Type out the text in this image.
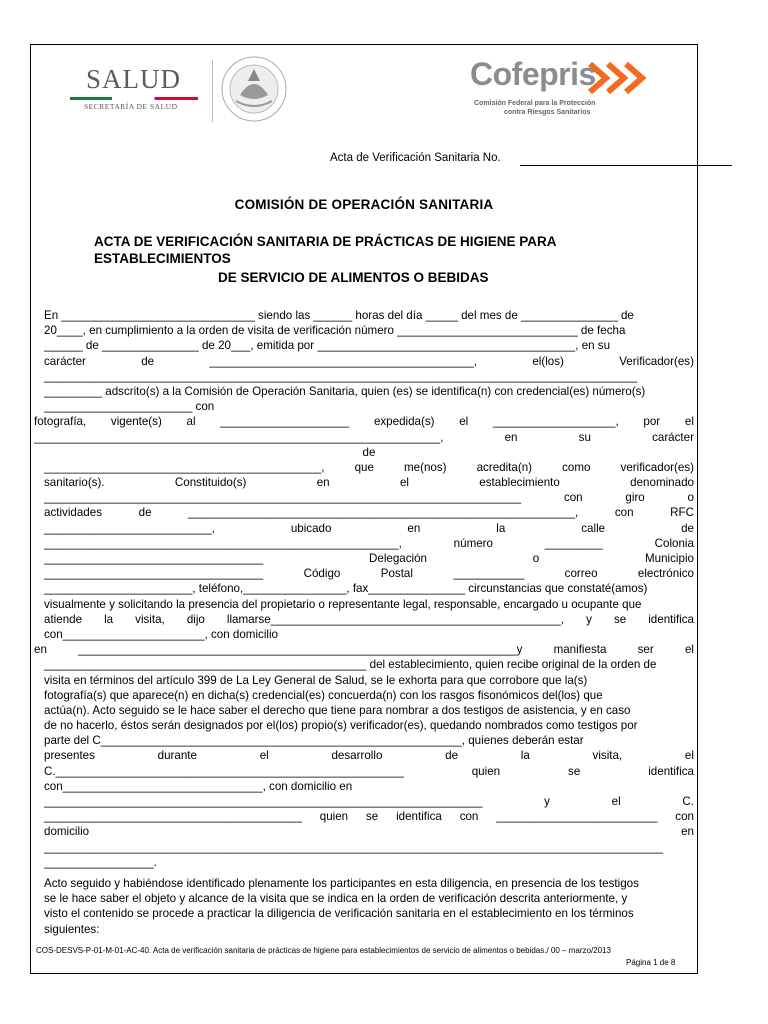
SALUD
SECRETARÍA DE SALUD
Cofepris
Comisión Federal para la Protección
contra Riesgos Sanitarios
Acta de Verificación Sanitaria No.
COMISIÓN DE OPERACIÓN SANITARIA
ACTA DE VERIFICACIÓN SANITARIA DE PRÁCTICAS DE HIGIENE PARA ESTABLECIMIENTOS
DE SERVICIO DE ALIMENTOS O BEBIDAS
En ______________________________ siendo las ______ horas del día _____ del mes de _______________ de
20____, en cumplimiento a la orden de visita de verificación número ____________________________ de fecha
______ de _______________ de 20___, emitida por ________________________________________, en su
carácter	de	_________________________________________,	el(los)	Verificador(es)
____________________________________________________________________________________________
_________ adscrito(s) a la Comisión de Operación Sanitaria, quien (es) se identifica(n) con credencial(es) número(s)
_______________________ con
fotografía, vigente(s) al ____________________ expedida(s) el ___________________, por el
_______________________________________________________________,	en	su	carácter
de
___________________________________________,	que	me(nos)	acredita(n)	como	verificador(es)
sanitario(s).	Constituido(s)	en	el	establecimiento	denominado
__________________________________________________________________________	con	giro	o
actividades	de	____________________________________________________________,	con	RFC
__________________________,	ubicado	en	la	calle	de
_______________________________________________________,	número	_________	Colonia
__________________________________	Delegación	o	Municipio
__________________________________	Código	Postal	___________	correo	electrónico
_______________________, teléfono,________________, fax_______________ circunstancias que constaté(amos)
visualmente y solicitando la presencia del propietario o representante legal, responsable, encargado u ocupante que
atiende la visita, dijo llamarse_____________________________________________, y se identifica
con______________________, con domicilio
en	____________________________________________________________________y	manifiesta	ser	el
__________________________________________________ del establecimiento, quien recibe original de la orden de
visita en términos del artículo 399 de La Ley General de Salud, se le exhorta para que corrobore que la(s)
fotografía(s) que aparece(n) en dicha(s) credencial(es) concuerda(n) con los rasgos fisonómicos del(los) que
actúa(n). Acto seguido se le hace saber el derecho que tiene para nombrar a dos testigos de asistencia, y en caso
de no hacerlo, éstos serán designados por el(los) propio(s) verificador(es), quedando nombrados como testigos por
parte del C________________________________________________________, quienes deberán estar
presentes	durante	el	desarrollo	de	la	visita,	el
C.______________________________________________________	quien	se	identifica
con_______________________________, con domicilio en
____________________________________________________________________	y	el	C.
________________________________________ quien se identifica con _________________________ con
domicilio	en
________________________________________________________________________________________________
_________________.
Acto seguido y habiéndose identificado plenamente los participantes en esta diligencia, en presencia de los testigos
se le hace saber el objeto y alcance de la visita que se indica en la orden de verificación descrita anteriormente, y
visto el contenido se procede a practicar la diligencia de verificación sanitaria en el establecimiento en los términos
siguientes:
COS-DESVS-P-01-M-01-AC-40. Acta de verificación sanitaria de prácticas de higiene para establecimientos de servicio de alimentos o bebidas./ 00 – marzo/2013
Página 1 de 8
